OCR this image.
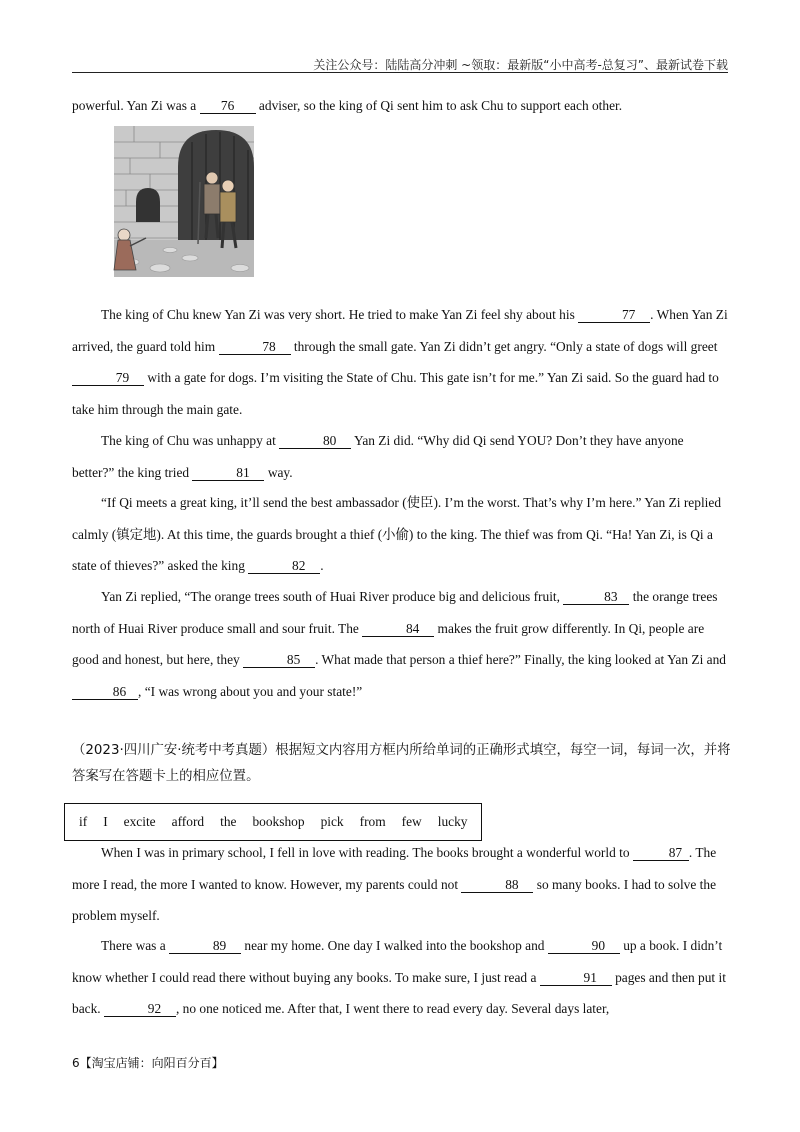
关注公众号：陆陆高分冲刺 ~领取：最新版“小中高考-总复习”、最新试卷下载

powerful. Yan Zi was a 76 adviser, so the king of Qi sent him to ask Chu to support each other.

The king of Chu knew Yan Zi was very short. He tried to make Yan Zi feel shy about his	77 . When Yan Zi arrived, the guard told him	78 through the small gate. Yan Zi didn’t get angry. “Only a state of dogs will greet 79 with a gate for dogs. I’m visiting the State of Chu. This gate isn’t for me.” Yan Zi said. So the guard had to take him through the main gate.

The king of Chu was unhappy at	80 Yan Zi did. “Why did Qi send YOU? Don’t they have anyone better?” the king tried	81 way.

“If Qi meets a great king, it’ll send the best ambassador (使臣). I’m the worst. That’s why I’m here.” Yan Zi replied calmly (镇定地). At this time, the guards brought a thief (小偷) to the king. The thief was from Qi. “Ha! Yan Zi, is Qi a state of thieves?” asked the king	82 .

Yan Zi replied, “The orange trees south of Huai River produce big and delicious fruit,	83 the orange trees north of Huai River produce small and sour fruit. The	84 makes the fruit grow differently. In Qi, people are good and honest, but here, they	85 . What made that person a thief here?” Finally, the king looked at Yan Zi and 86 , “I was wrong about you and your state!”

（2023·四川广安·统考中考真题）根据短文内容用方框内所给单词的正确形式填空，每空一词，每词一次，并将答案写在答题卡上的相应位置。

if I excite afford the bookshop pick from few lucky

When I was in primary school, I fell in love with reading. The books brought a wonderful world to	87 . The more I read, the more I wanted to know. However, my parents could not	88 so many books. I had to solve the problem myself.

There was a	89 near my home. One day I walked into the bookshop and	90 up a book. I didn’t know whether I could read there without buying any books. To make sure, I just read a	91 pages and then put it back.	92 , no one noticed me. After that, I went there to read every day. Several days later,

6【淘宝店铺：向阳百分百】
